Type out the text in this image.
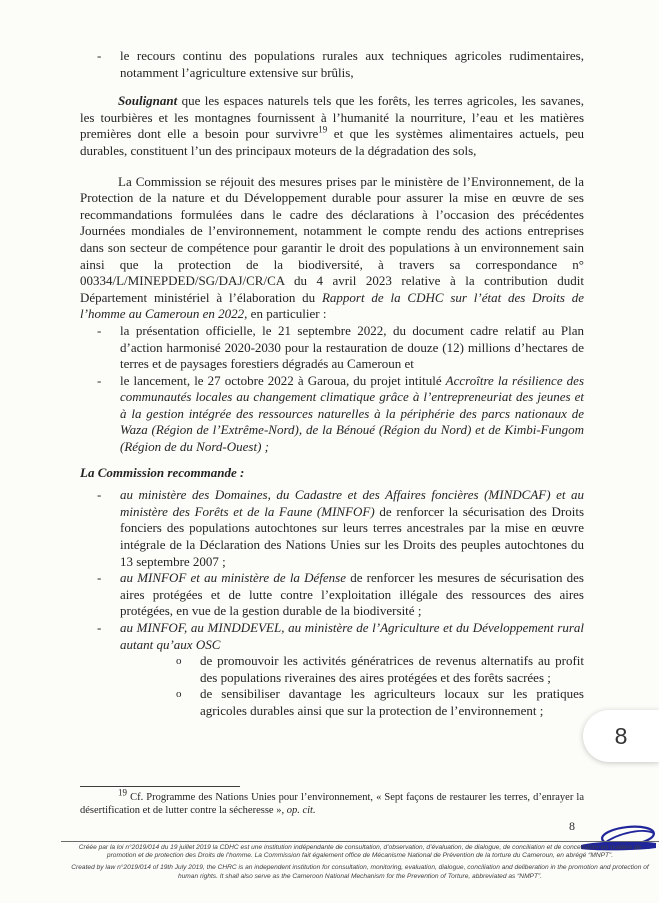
-	le recours continu des populations rurales aux techniques agricoles rudimentaires, notamment l’agriculture extensive sur brûlis,

Soulignant que les espaces naturels tels que les forêts, les terres agricoles, les savanes, les tourbières et les montagnes fournissent à l’humanité la nourriture, l’eau et les matières premières dont elle a besoin pour survivre$^{19}$ et que les systèmes alimentaires actuels, peu durables, constituent l’un des principaux moteurs de la dégradation des sols,

La Commission se réjouit des mesures prises par le ministère de l’Environnement, de la Protection de la nature et du Développement durable pour assurer la mise en œuvre de ses recommandations formulées dans le cadre des déclarations à l’occasion des précédentes Journées mondiales de l’environnement, notamment le compte rendu des actions entreprises dans son secteur de compétence pour garantir le droit des populations à un environnement sain ainsi que la protection de la biodiversité, à travers sa correspondance n° 00334/L/MINEPDED/SG/DAJ/CR/CA du 4 avril 2023 relative à la contribution dudit Département ministériel à l’élaboration du Rapport de la CDHC sur l’état des Droits de l’homme au Cameroun en 2022, en particulier :

-	la présentation officielle, le 21 septembre 2022, du document cadre relatif au Plan d’action harmonisé 2020-2030 pour la restauration de douze (12) millions d’hectares de terres et de paysages forestiers dégradés au Cameroun et
-	le lancement, le 27 octobre 2022 à Garoua, du projet intitulé Accroître la résilience des communautés locales au changement climatique grâce à l’entrepreneuriat des jeunes et à la gestion intégrée des ressources naturelles à la périphérie des parcs nationaux de Waza (Région de l’Extrême-Nord), de la Bénoué (Région du Nord) et de Kimbi-Fungom (Région de du Nord-Ouest) ;

La Commission recommande :

-	au ministère des Domaines, du Cadastre et des Affaires foncières (MINDCAF) et au ministère des Forêts et de la Faune (MINFOF) de renforcer la sécurisation des Droits fonciers des populations autochtones sur leurs terres ancestrales par la mise en œuvre intégrale de la Déclaration des Nations Unies sur les Droits des peuples autochtones du 13 septembre 2007 ;
-	au MINFOF et au ministère de la Défense de renforcer les mesures de sécurisation des aires protégées et de lutte contre l’exploitation illégale des ressources des aires protégées, en vue de la gestion durable de la biodiversité ;
-	au MINFOF, au MINDDEVEL, au ministère de l’Agriculture et du Développement rural autant qu’aux OSC
o	de promouvoir les activités génératrices de revenus alternatifs au profit des populations riveraines des aires protégées et des forêts sacrées ;
o	de sensibiliser davantage les agriculteurs locaux sur les pratiques agricoles durables ainsi que sur la protection de l’environnement ;

19 Cf. Programme des Nations Unies pour l’environnement, « Sept façons de restaurer les terres, d’enrayer la désertification et de lutter contre la sécheresse », op. cit.

8
Créée par la loi n°2019/014 du 19 juillet 2019 la CDHC est une institution indépendante de consultation, d’observation, d’évaluation, de dialogue, de conciliation et de concertation en matière de promotion et de protection des Droits de l’homme. La Commission fait également office de Mécanisme National de Prévention de la torture du Cameroun, en abrégé “MNPT”.
Created by law n°2019/014 of 19th July 2019, the CHRC is an independent institution for consultation, monitoring, evaluation, dialogue, conciliation and deliberation in the promotion and protection of human rights. It shall also serve as the Cameroon National Mechanism for the Prevention of Torture, abbreviated as “NMPT”.
8
